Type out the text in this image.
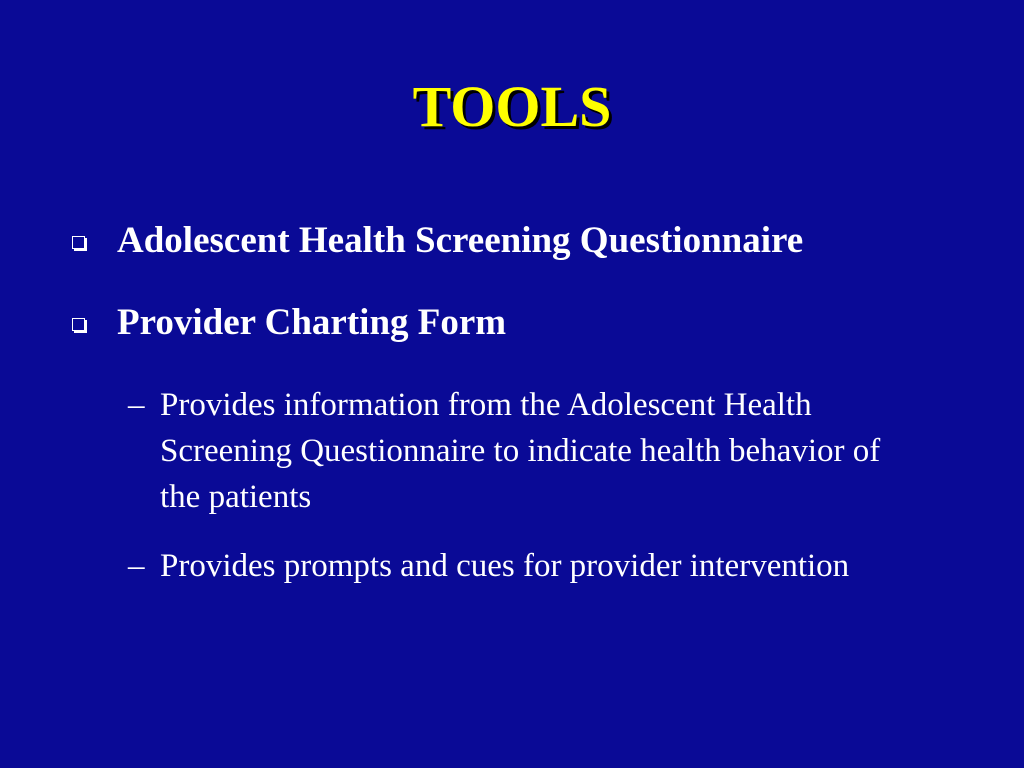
TOOLS
Adolescent Health Screening Questionnaire
Provider Charting Form
– Provides information from the Adolescent Health Screening Questionnaire to indicate health behavior of the patients
– Provides prompts and cues for provider intervention
